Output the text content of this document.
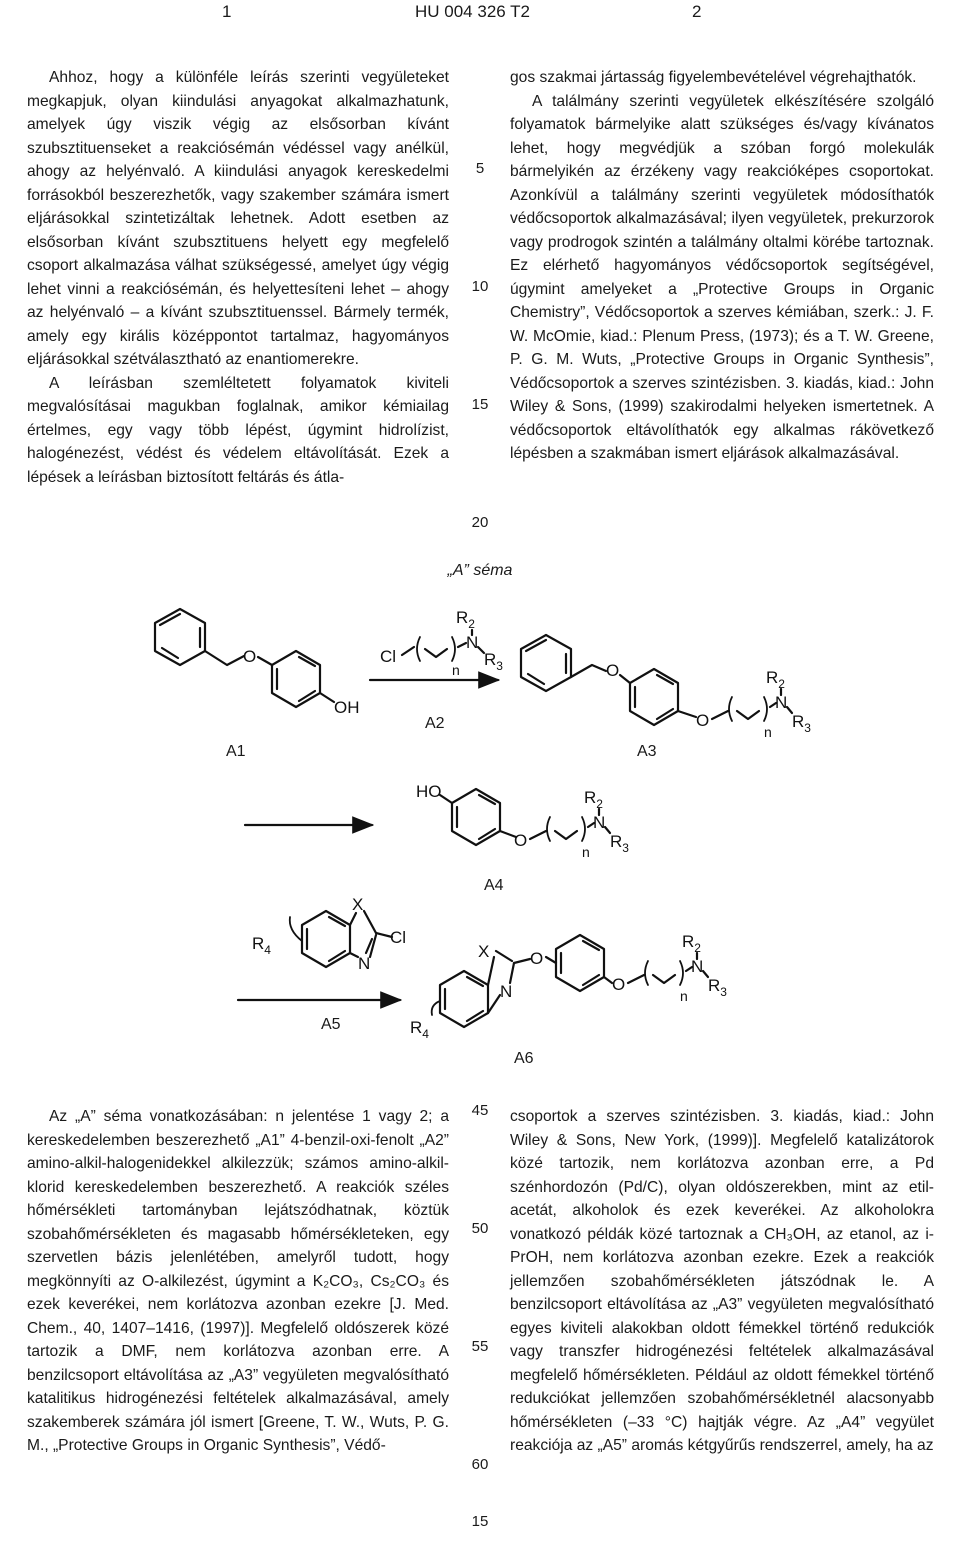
1	HU 004 326 T2	2

Ahhoz, hogy a különféle leírás szerinti vegyületeket megkapjuk, olyan kiindulási anyagokat alkalmazhatunk, amelyek úgy viszik végig az elsősorban kívánt szubsztituenseket a reakciósémán védéssel vagy anélkül, ahogy az helyénvaló. A kiindulási anyagok kereskedelmi forrásokból beszerezhetők, vagy szakember számára ismert eljárásokkal szintetizáltak lehetnek. Adott esetben az elsősorban kívánt szubsztituens helyett egy megfelelő csoport alkalmazása válhat szükségessé, amelyet úgy végig lehet vinni a reakciósémán, és helyettesíteni lehet – ahogy az helyénvaló – a kívánt szubsztituenssel. Bármely termék, amely egy királis középpontot tartalmaz, hagyományos eljárásokkal szétválasztható az enantiomerekre.

A leírásban szemléltetett folyamatok kiviteli megvalósításai magukban foglalnak, amikor kémiailag értelmes, egy vagy több lépést, úgymint hidrolízist, halogénezést, védést és védelem eltávolítását. Ezek a lépések a leírásban biztosított feltárás és átla-

gos szakmai jártasság figyelembevételével végrehajthatók.

A találmány szerinti vegyületek elkészítésére szolgáló folyamatok bármelyike alatt szükséges és/vagy kívánatos lehet, hogy megvédjük a szóban forgó molekulák bármelyikén az érzékeny vagy reakcióképes csoportokat. Azonkívül a találmány szerinti vegyületek módosíthatók védőcsoportok alkalmazásával; ilyen vegyületek, prekurzorok vagy prodrogok szintén a találmány oltalmi körébe tartoznak. Ez elérhető hagyományos védőcsoportok segítségével, úgymint amelyeket a „Protective Groups in Organic Chemistry”, Védőcsoportok a szerves kémiában, szerk.: J. F. W. McOmie, kiad.: Plenum Press, (1973); és a T. W. Greene, P. G. M. Wuts, „Protective Groups in Organic Synthesis”, Védőcsoportok a szerves szintézisben. 3. kiadás, kiad.: John Wiley & Sons, (1999) szakirodalmi helyeken ismertetnek. A védőcsoportok eltávolíthatók egy alkalmas rákövetkező lépésben a szakmában ismert eljárások alkalmazásával.

5
10
15
20
„A” séma
O
OH
Cl
n
N
$R_2$
$R_3$	O
O
n
N
$R_2$
$R_3$
HO
O
n
N
$R_2$
$R_3$
X
N
Cl
$R_4$	X
N
O
O
n
N
$R_2$
$R_3$
$R_4$
A1
A2
A3
A4
A5
A6

Az „A” séma vonatkozásában: n jelentése 1 vagy 2; a kereskedelemben beszerezhető „A1” 4-benzil-oxi-fenolt „A2” amino-alkil-halogenidekkel alkilezzük; számos amino-alkil-klorid kereskedelemben beszerezhető. A reakciók széles hőmérsékleti tartományban lejátszódhatnak, köztük szobahőmérsékleten és magasabb hőmérsékleteken, egy szervetlen bázis jelenlétében, amelyről tudott, hogy megkönnyíti az O-alkilezést, úgymint a K₂CO₃, Cs₂CO₃ és ezek keverékei, nem korlátozva azonban ezekre [J. Med. Chem., 40, 1407–1416, (1997)]. Megfelelő oldószerek közé tartozik a DMF, nem korlátozva azonban erre. A benzilcsoport eltávolítása az „A3” vegyületen megvalósítható katalitikus hidrogénezési feltételek alkalmazásával, amely szakemberek számára jól ismert [Greene, T. W., Wuts, P. G. M., „Protective Groups in Organic Synthesis”, Védő-

csoportok a szerves szintézisben. 3. kiadás, kiad.: John Wiley & Sons, New York, (1999)]. Megfelelő katalizátorok közé tartozik, nem korlátozva azonban erre, a Pd szénhordozón (Pd/C), olyan oldószerekben, mint az etil-acetát, alkoholok és ezek keverékei. Az alkoholokra vonatkozó példák közé tartoznak a CH₃OH, az etanol, az i-PrOH, nem korlátozva azonban ezekre. Ezek a reakciók jellemzően szobahőmérsékleten játszódnak le. A benzilcsoport eltávolítása az „A3” vegyületen megvalósítható egyes kiviteli alakokban oldott fémekkel történő redukciók vagy transzfer hidrogénezési feltételek alkalmazásával megfelelő hőmérsékleten. Például az oldott fémekkel történő redukciókat jellemzően szobahőmérsékletnél alacsonyabb hőmérsékleten (–33 °C) hajtják végre. Az „A4” vegyület reakciója az „A5” aromás kétgyűrűs rendszerrel, amely, ha az

45
50
55
60
15
